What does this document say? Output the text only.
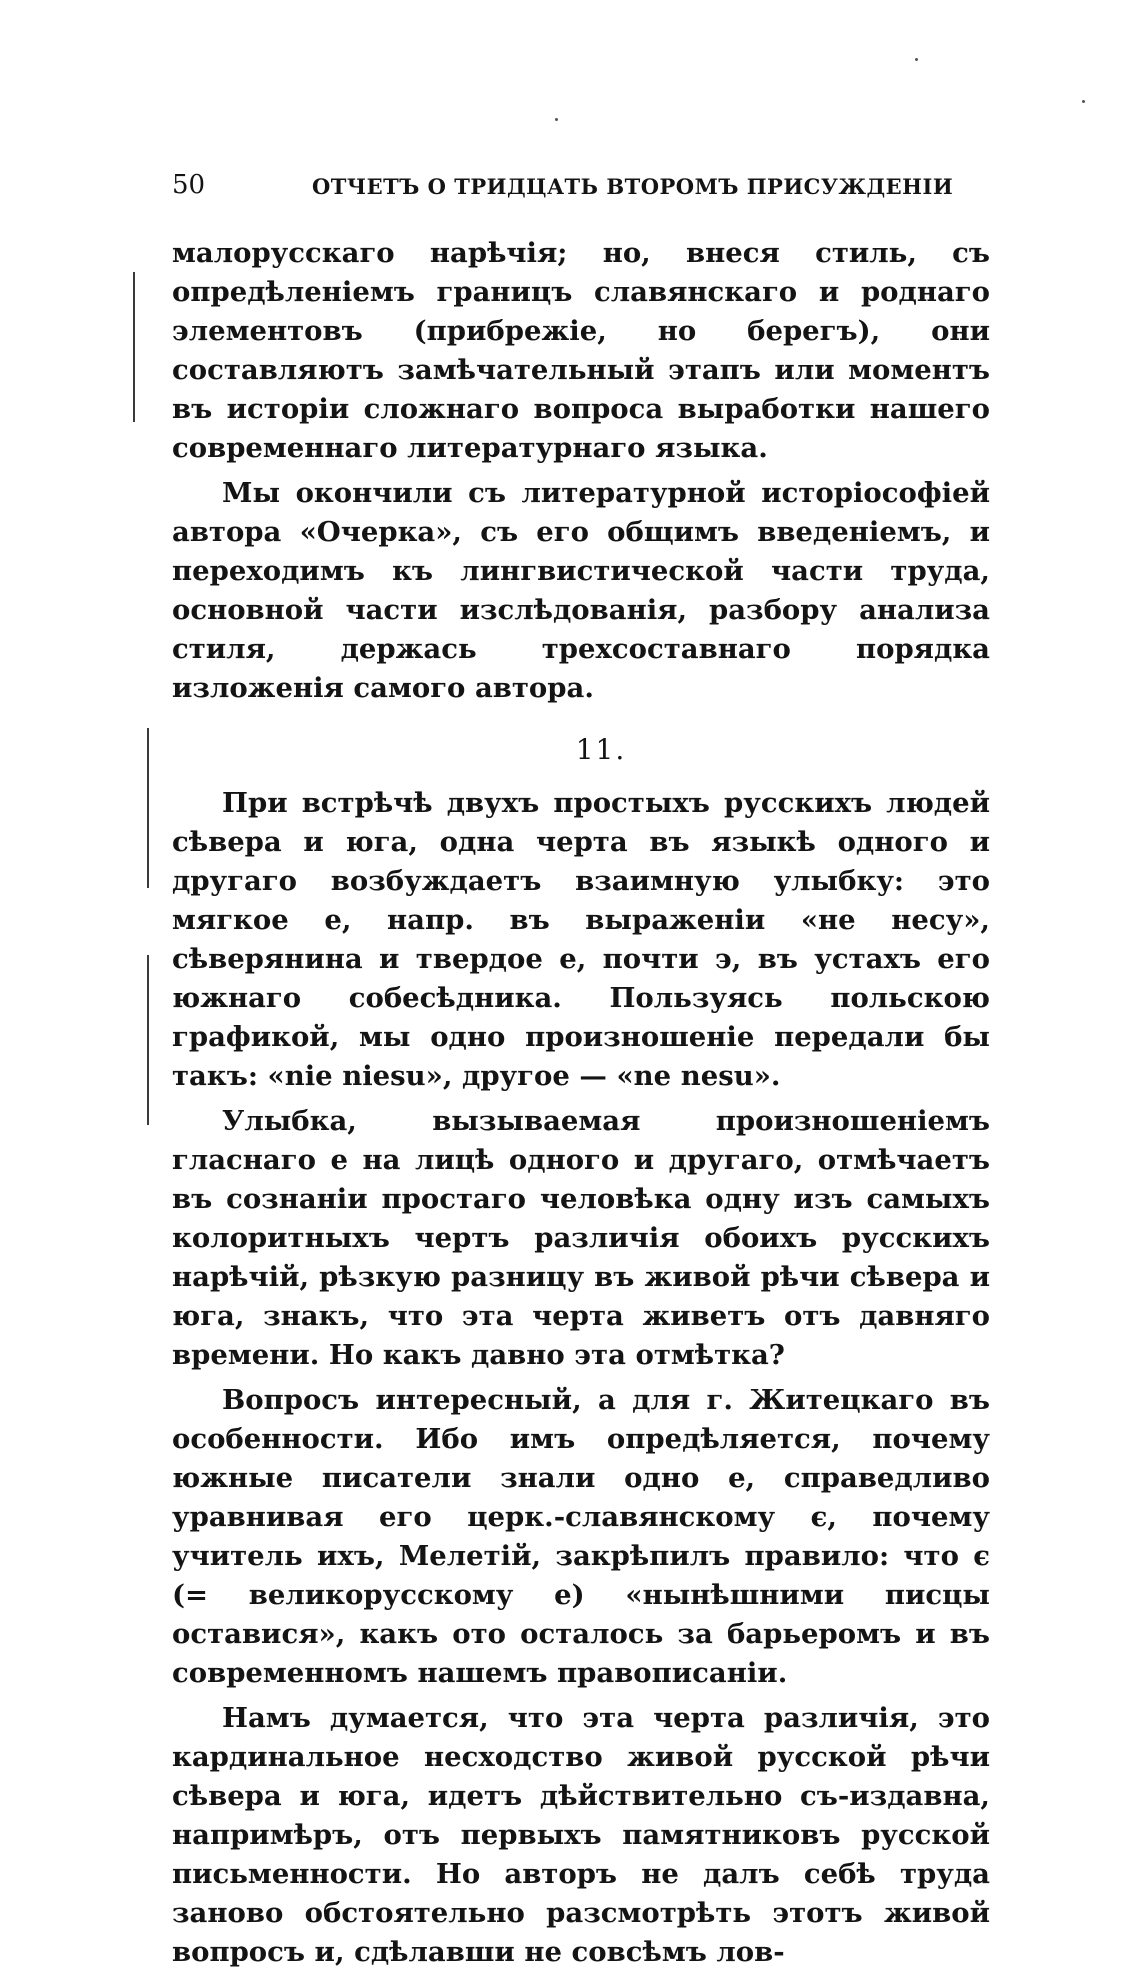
50	ОТЧЕТЪ О ТРИДЦАТЬ ВТОРОМЪ ПРИСУЖДЕНІИ

малорусскаго нарѣчія; но, внеся стиль, съ опредѣленіемъ границъ славянскаго и роднаго элементовъ (прибрежіе, но берегъ), они составляютъ замѣчательный этапъ или моментъ въ исторіи сложнаго вопроса выработки нашего современнаго литературнаго языка.

Мы окончили съ литературной исторіософіей автора «Очерка», съ его общимъ введеніемъ, и переходимъ къ лингвистической части труда, основной части изслѣдованія, разбору анализа стиля, держась трехсоставнаго порядка изложенія самого автора.

11.

При встрѣчѣ двухъ простыхъ русскихъ людей сѣвера и юга, одна черта въ языкѣ одного и другаго возбуждаетъ взаимную улыбку: это мягкое е, напр. въ выраженіи «не несу», сѣверянина и твердое е, почти э, въ устахъ его южнаго собесѣдника. Пользуясь польскою графикой, мы одно произношеніе передали бы такъ: «nie niesu», другое — «ne nesu».

Улыбка, вызываемая произношеніемъ гласнаго е на лицѣ одного и другаго, отмѣчаетъ въ сознаніи простаго человѣка одну изъ самыхъ колоритныхъ чертъ различія обоихъ русскихъ нарѣчій, рѣзкую разницу въ живой рѣчи сѣвера и юга, знакъ, что эта черта живетъ отъ давняго времени. Но какъ давно эта отмѣтка?

Вопросъ интересный, а для г. Житецкаго въ особенности. Ибо имъ опредѣляется, почему южные писатели знали одно е, справедливо уравнивая его церк.-славянскому є, почему учитель ихъ, Мелетій, закрѣпилъ правило: что є (= великорусскому е) «нынѣшними писцы оставися», какъ ото осталось за барьеромъ и въ современномъ нашемъ правописаніи.

Намъ думается, что эта черта различія, это кардинальное несходство живой русской рѣчи сѣвера и юга, идетъ дѣйствительно съ-издавна, напримѣръ, отъ первыхъ памятниковъ русской письменности. Но авторъ не далъ себѣ труда заново обстоятельно разсмотрѣть этотъ живой вопросъ и, сдѣлавши не совсѣмъ лов-
